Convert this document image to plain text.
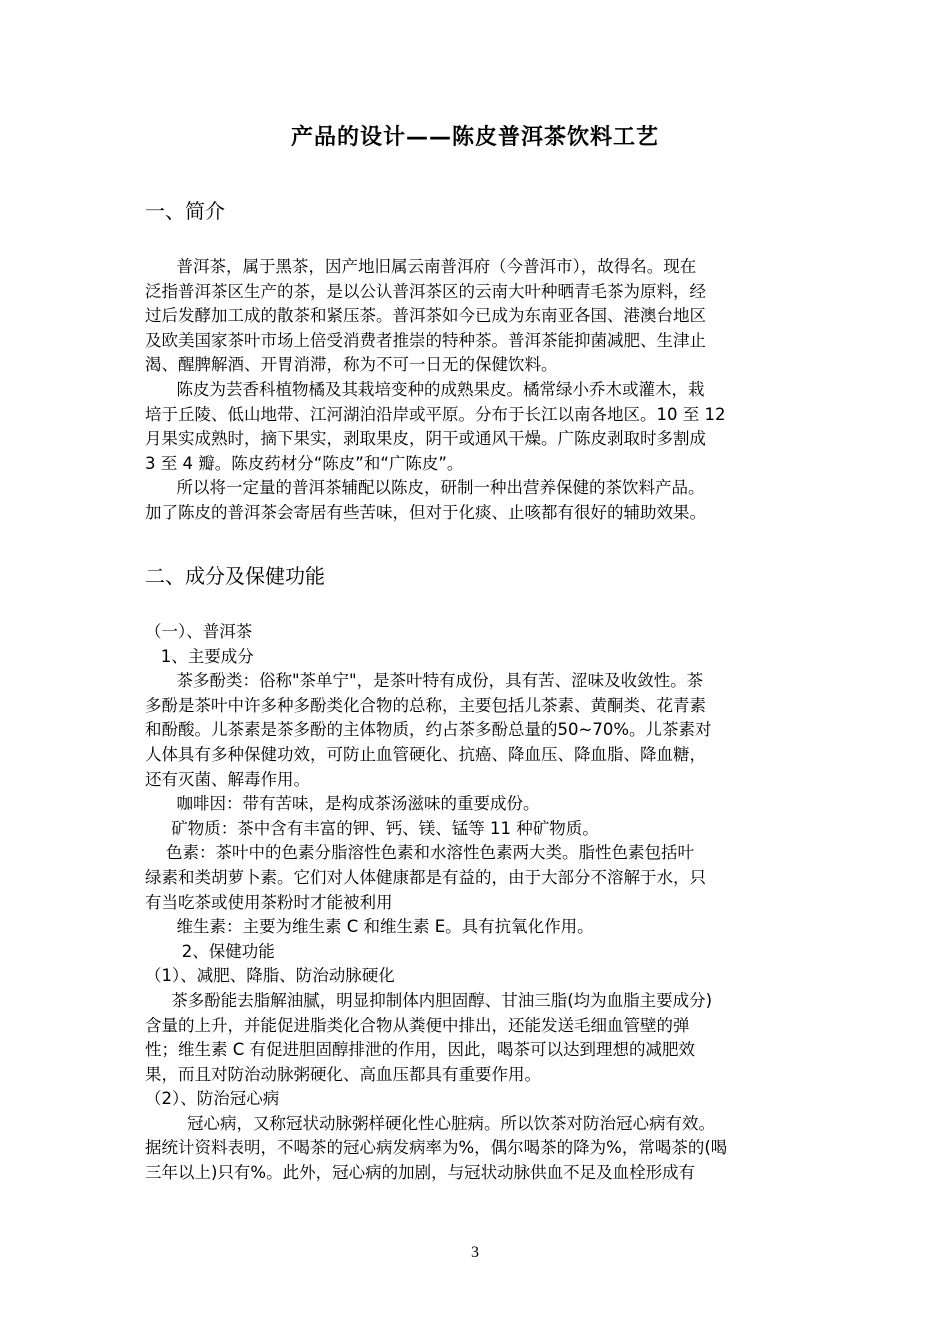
产品的设计——陈皮普洱茶饮料工艺
一、简介
普洱茶，属于黑茶，因产地旧属云南普洱府（今普洱市），故得名。现在
泛指普洱茶区生产的茶，是以公认普洱茶区的云南大叶种晒青毛茶为原料，经
过后发酵加工成的散茶和紧压茶。普洱茶如今已成为东南亚各国、港澳台地区
及欧美国家茶叶市场上倍受消费者推崇的特种茶。普洱茶能抑菌减肥、生津止
渴、醒脾解酒、开胃消滞，称为不可一日无的保健饮料。
陈皮为芸香科植物橘及其栽培变种的成熟果皮。橘常绿小乔木或灌木，栽
培于丘陵、低山地带、江河湖泊沿岸或平原。分布于长江以南各地区。10 至 12
月果实成熟时，摘下果实，剥取果皮，阴干或通风干燥。广陈皮剥取时多割成
3 至 4 瓣。陈皮药材分“陈皮”和“广陈皮”。
所以将一定量的普洱茶辅配以陈皮，研制一种出营养保健的茶饮料产品。
加了陈皮的普洱茶会寄居有些苦味，但对于化痰、止咳都有很好的辅助效果。
二、成分及保健功能
（一）、普洱茶
1、主要成分
茶多酚类：俗称"茶单宁"，是茶叶特有成份，具有苦、涩味及收敛性。茶
多酚是茶叶中许多种多酚类化合物的总称，主要包括儿茶素、黄酮类、花青素
和酚酸。儿茶素是茶多酚的主体物质，约占茶多酚总量的50~70%。儿茶素对
人体具有多种保健功效，可防止血管硬化、抗癌、降血压、降血脂、降血糖，
还有灭菌、解毒作用。
咖啡因：带有苦味，是构成茶汤滋味的重要成份。
矿物质：茶中含有丰富的钾、钙、镁、锰等 11 种矿物质。
色素：茶叶中的色素分脂溶性色素和水溶性色素两大类。脂性色素包括叶
绿素和类胡萝卜素。它们对人体健康都是有益的，由于大部分不溶解于水，只
有当吃茶或使用茶粉时才能被利用
维生素：主要为维生素 C 和维生素 E。具有抗氧化作用。
2、保健功能
（1）、减肥、降脂、防治动脉硬化
茶多酚能去脂解油腻，明显抑制体内胆固醇、甘油三脂(均为血脂主要成分)
含量的上升，并能促进脂类化合物从粪便中排出，还能发送毛细血管壁的弹
性；维生素 C 有促进胆固醇排泄的作用，因此，喝茶可以达到理想的减肥效
果，而且对防治动脉粥硬化、高血压都具有重要作用。
（2）、防治冠心病
冠心病，又称冠状动脉粥样硬化性心脏病。所以饮茶对防治冠心病有效。
据统计资料表明，不喝茶的冠心病发病率为%，偶尔喝茶的降为%，常喝茶的(喝
三年以上)只有%。此外，冠心病的加剧，与冠状动脉供血不足及血栓形成有
3
